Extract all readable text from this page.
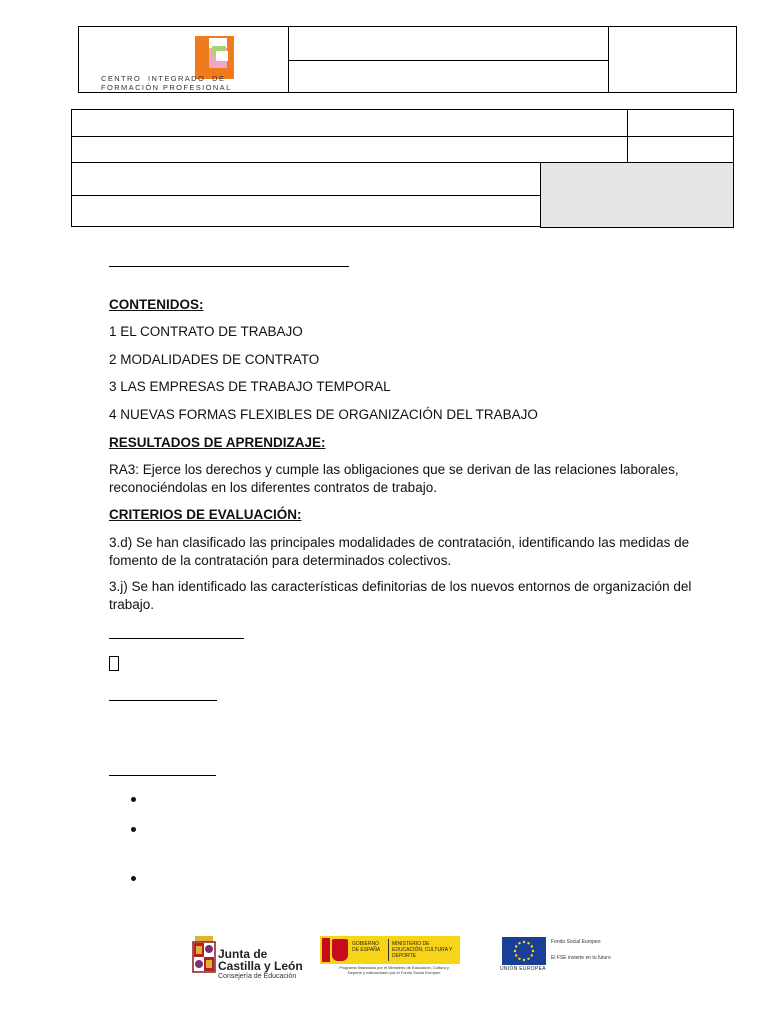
CENTRO  INTEGRADO  DE
FORMACIÓN PROFESIONAL
CONTENIDOS:
1 EL CONTRATO DE TRABAJO
2 MODALIDADES DE CONTRATO
3 LAS EMPRESAS DE TRABAJO TEMPORAL
4 NUEVAS FORMAS FLEXIBLES DE ORGANIZACIÓN DEL TRABAJO
RESULTADOS DE APRENDIZAJE:
RA3: Ejerce los derechos y cumple las obligaciones que se derivan de las relaciones laborales, reconociéndolas en los diferentes contratos de trabajo.
CRITERIOS DE EVALUACIÓN:
3.d) Se han clasificado las principales modalidades de contratación, identificando las medidas de fomento de la contratación para determinados colectivos.
3.j) Se han identificado las características definitorias de los nuevos entornos de organización del trabajo.
Junta de
Castilla y León
Consejería de Educación
GOBIERNO DE ESPAÑA
MINISTERIO DE EDUCACIÓN, CULTURA Y DEPORTE
Programa financiado por el Ministerio de Educación, Cultura y Deporte y cofinanciado por el Fondo Social Europeo
UNIÓN EUROPEA
Fondo Social Europeo
El FSE invierte en tu futuro
